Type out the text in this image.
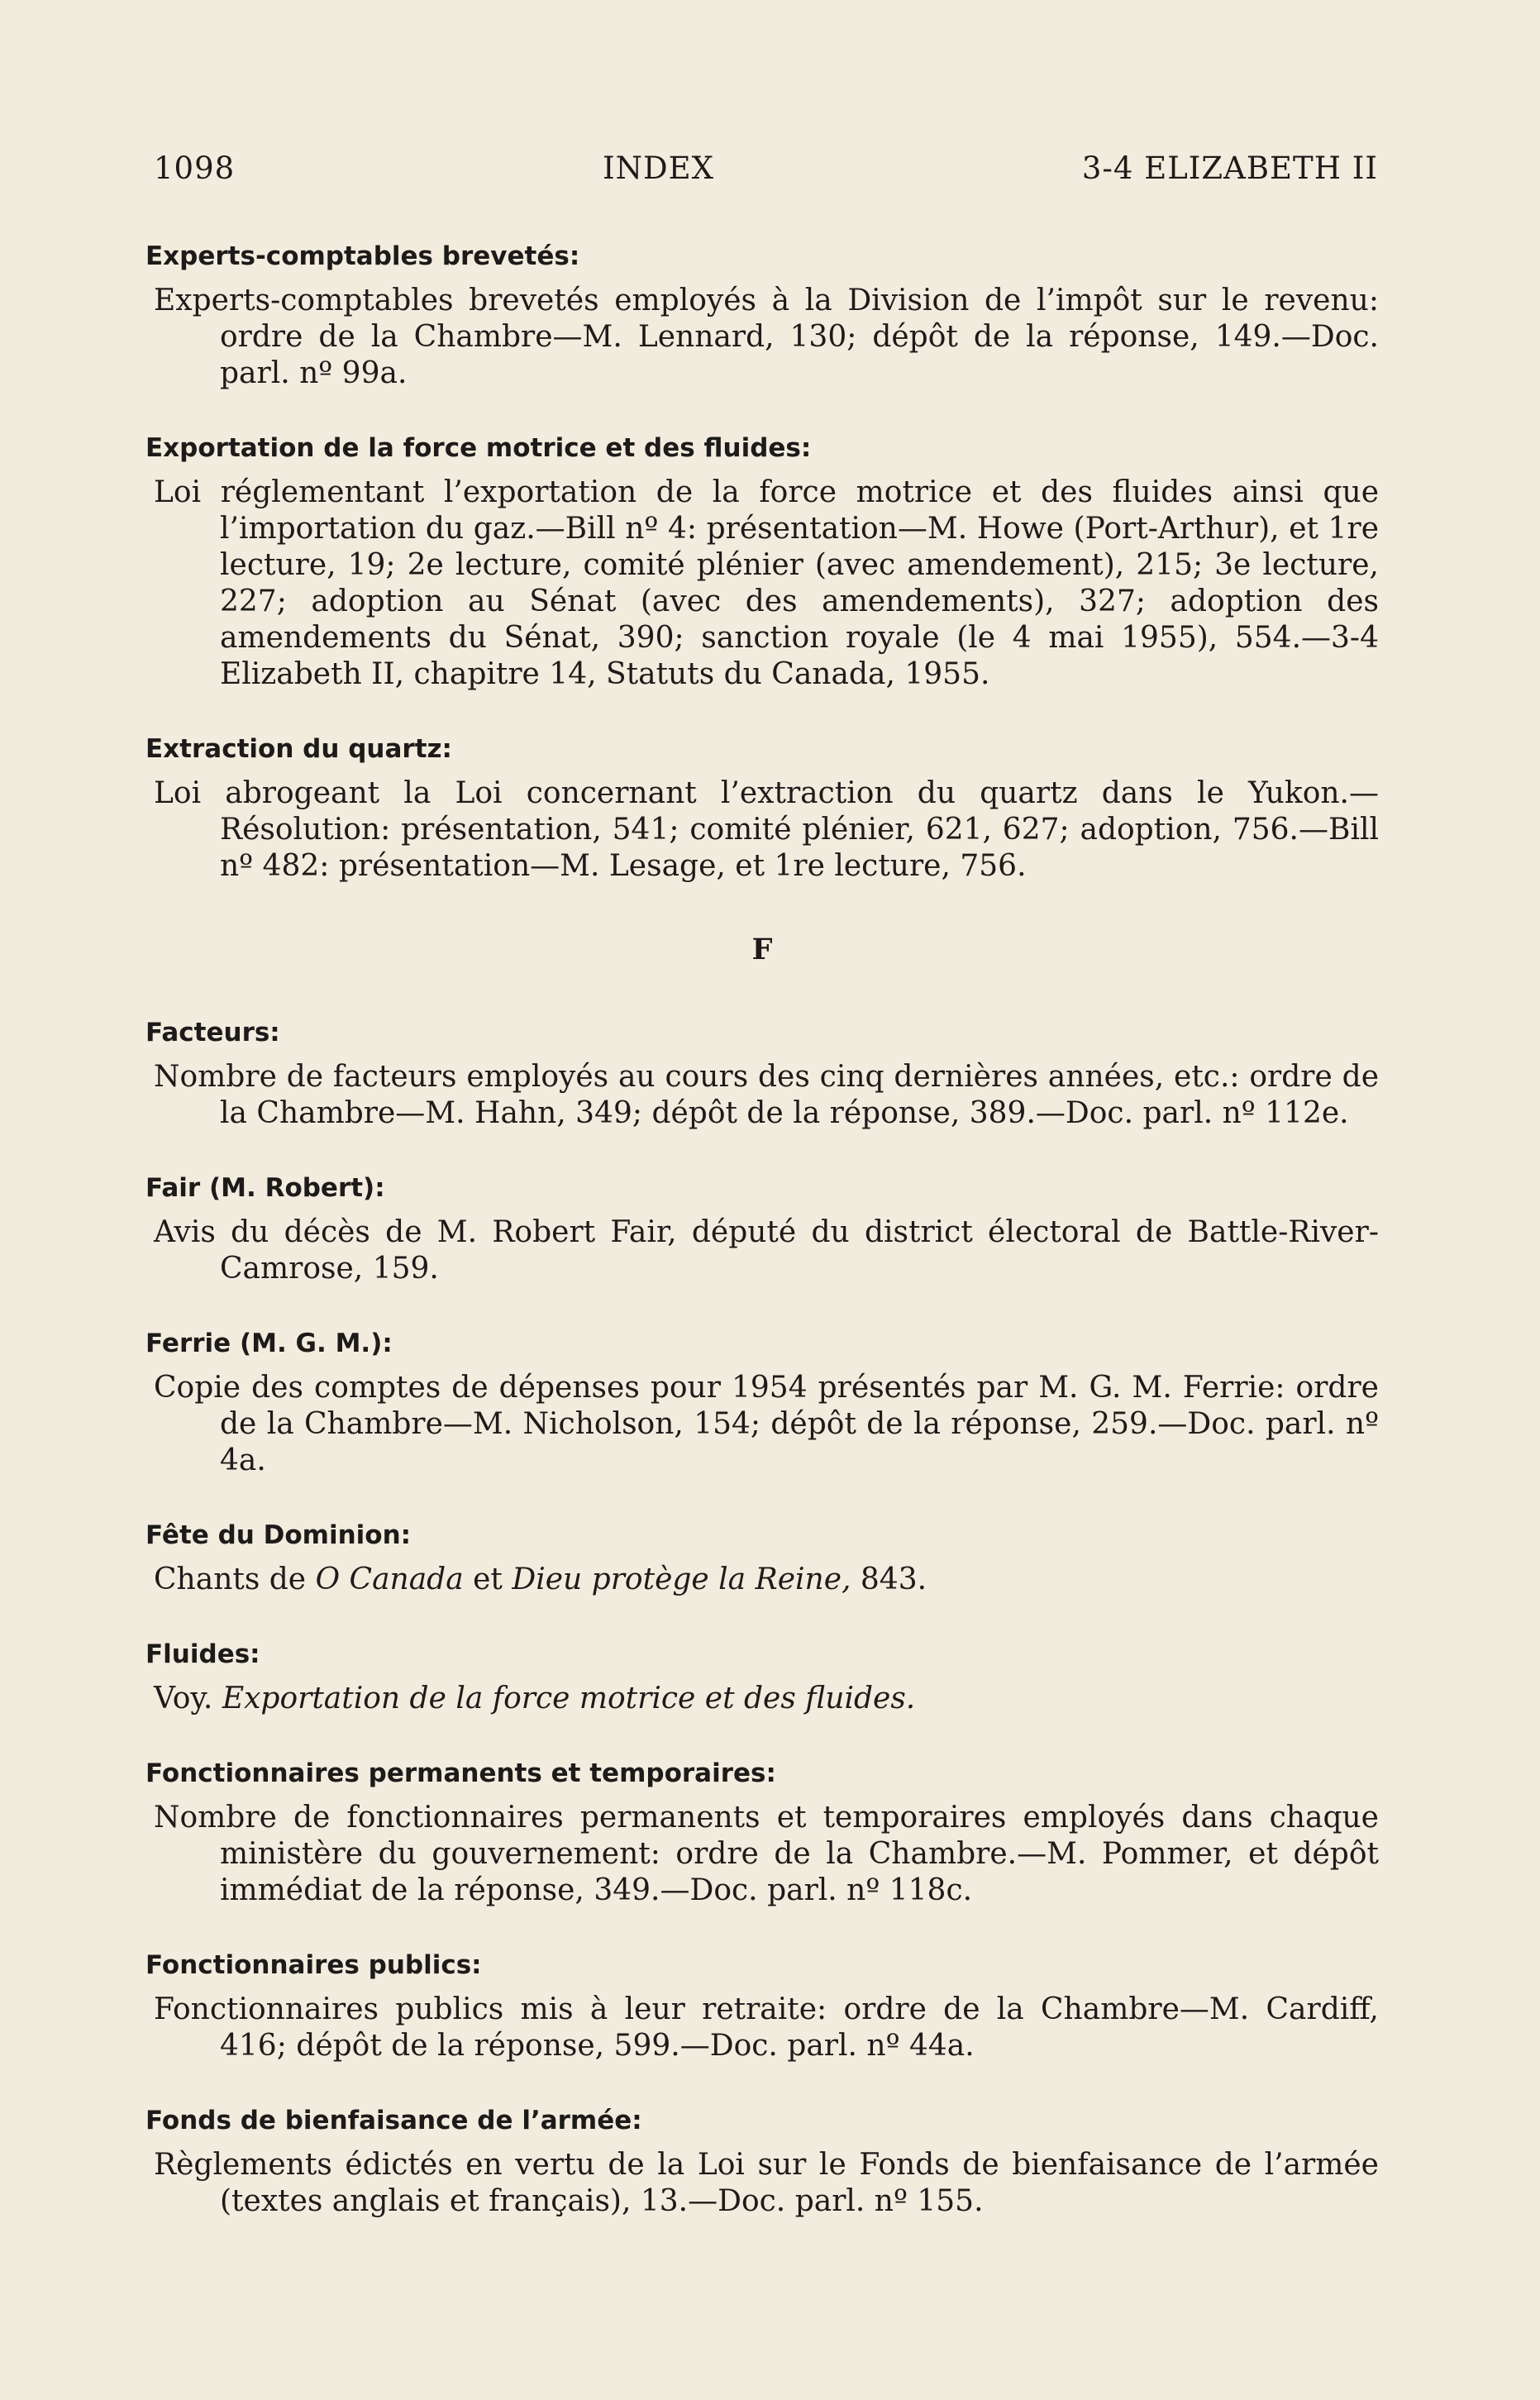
1098	INDEX	3-4 ELIZABETH II
Experts-comptables brevetés:
Experts-comptables brevetés employés à la Division de l’impôt sur le revenu: ordre de la Chambre—M. Lennard, 130; dépôt de la réponse, 149.—Doc. parl. nº 99a.
Exportation de la force motrice et des fluides:
Loi réglementant l’exportation de la force motrice et des fluides ainsi que l’importation du gaz.—Bill nº 4: présentation—M. Howe (Port-Arthur), et 1re lecture, 19; 2e lecture, comité plénier (avec amendement), 215; 3e lecture, 227; adoption au Sénat (avec des amendements), 327; adoption des amendements du Sénat, 390; sanction royale (le 4 mai 1955), 554.—3-4 Elizabeth II, chapitre 14, Statuts du Canada, 1955.
Extraction du quartz:
Loi abrogeant la Loi concernant l’extraction du quartz dans le Yukon.—Résolution: présentation, 541; comité plénier, 621, 627; adoption, 756.—Bill nº 482: présentation—M. Lesage, et 1re lecture, 756.
F
Facteurs:
Nombre de facteurs employés au cours des cinq dernières années, etc.: ordre de la Chambre—M. Hahn, 349; dépôt de la réponse, 389.—Doc. parl. nº 112e.
Fair (M. Robert):
Avis du décès de M. Robert Fair, député du district électoral de Battle-River-Camrose, 159.
Ferrie (M. G. M.):
Copie des comptes de dépenses pour 1954 présentés par M. G. M. Ferrie: ordre de la Chambre—M. Nicholson, 154; dépôt de la réponse, 259.—Doc. parl. nº 4a.
Fête du Dominion:
Chants de O Canada et Dieu protège la Reine, 843.
Fluides:
Voy. Exportation de la force motrice et des fluides.
Fonctionnaires permanents et temporaires:
Nombre de fonctionnaires permanents et temporaires employés dans chaque ministère du gouvernement: ordre de la Chambre.—M. Pommer, et dépôt immédiat de la réponse, 349.—Doc. parl. nº 118c.
Fonctionnaires publics:
Fonctionnaires publics mis à leur retraite: ordre de la Chambre—M. Cardiff, 416; dépôt de la réponse, 599.—Doc. parl. nº 44a.
Fonds de bienfaisance de l’armée:
Règlements édictés en vertu de la Loi sur le Fonds de bienfaisance de l’armée (textes anglais et français), 13.—Doc. parl. nº 155.
